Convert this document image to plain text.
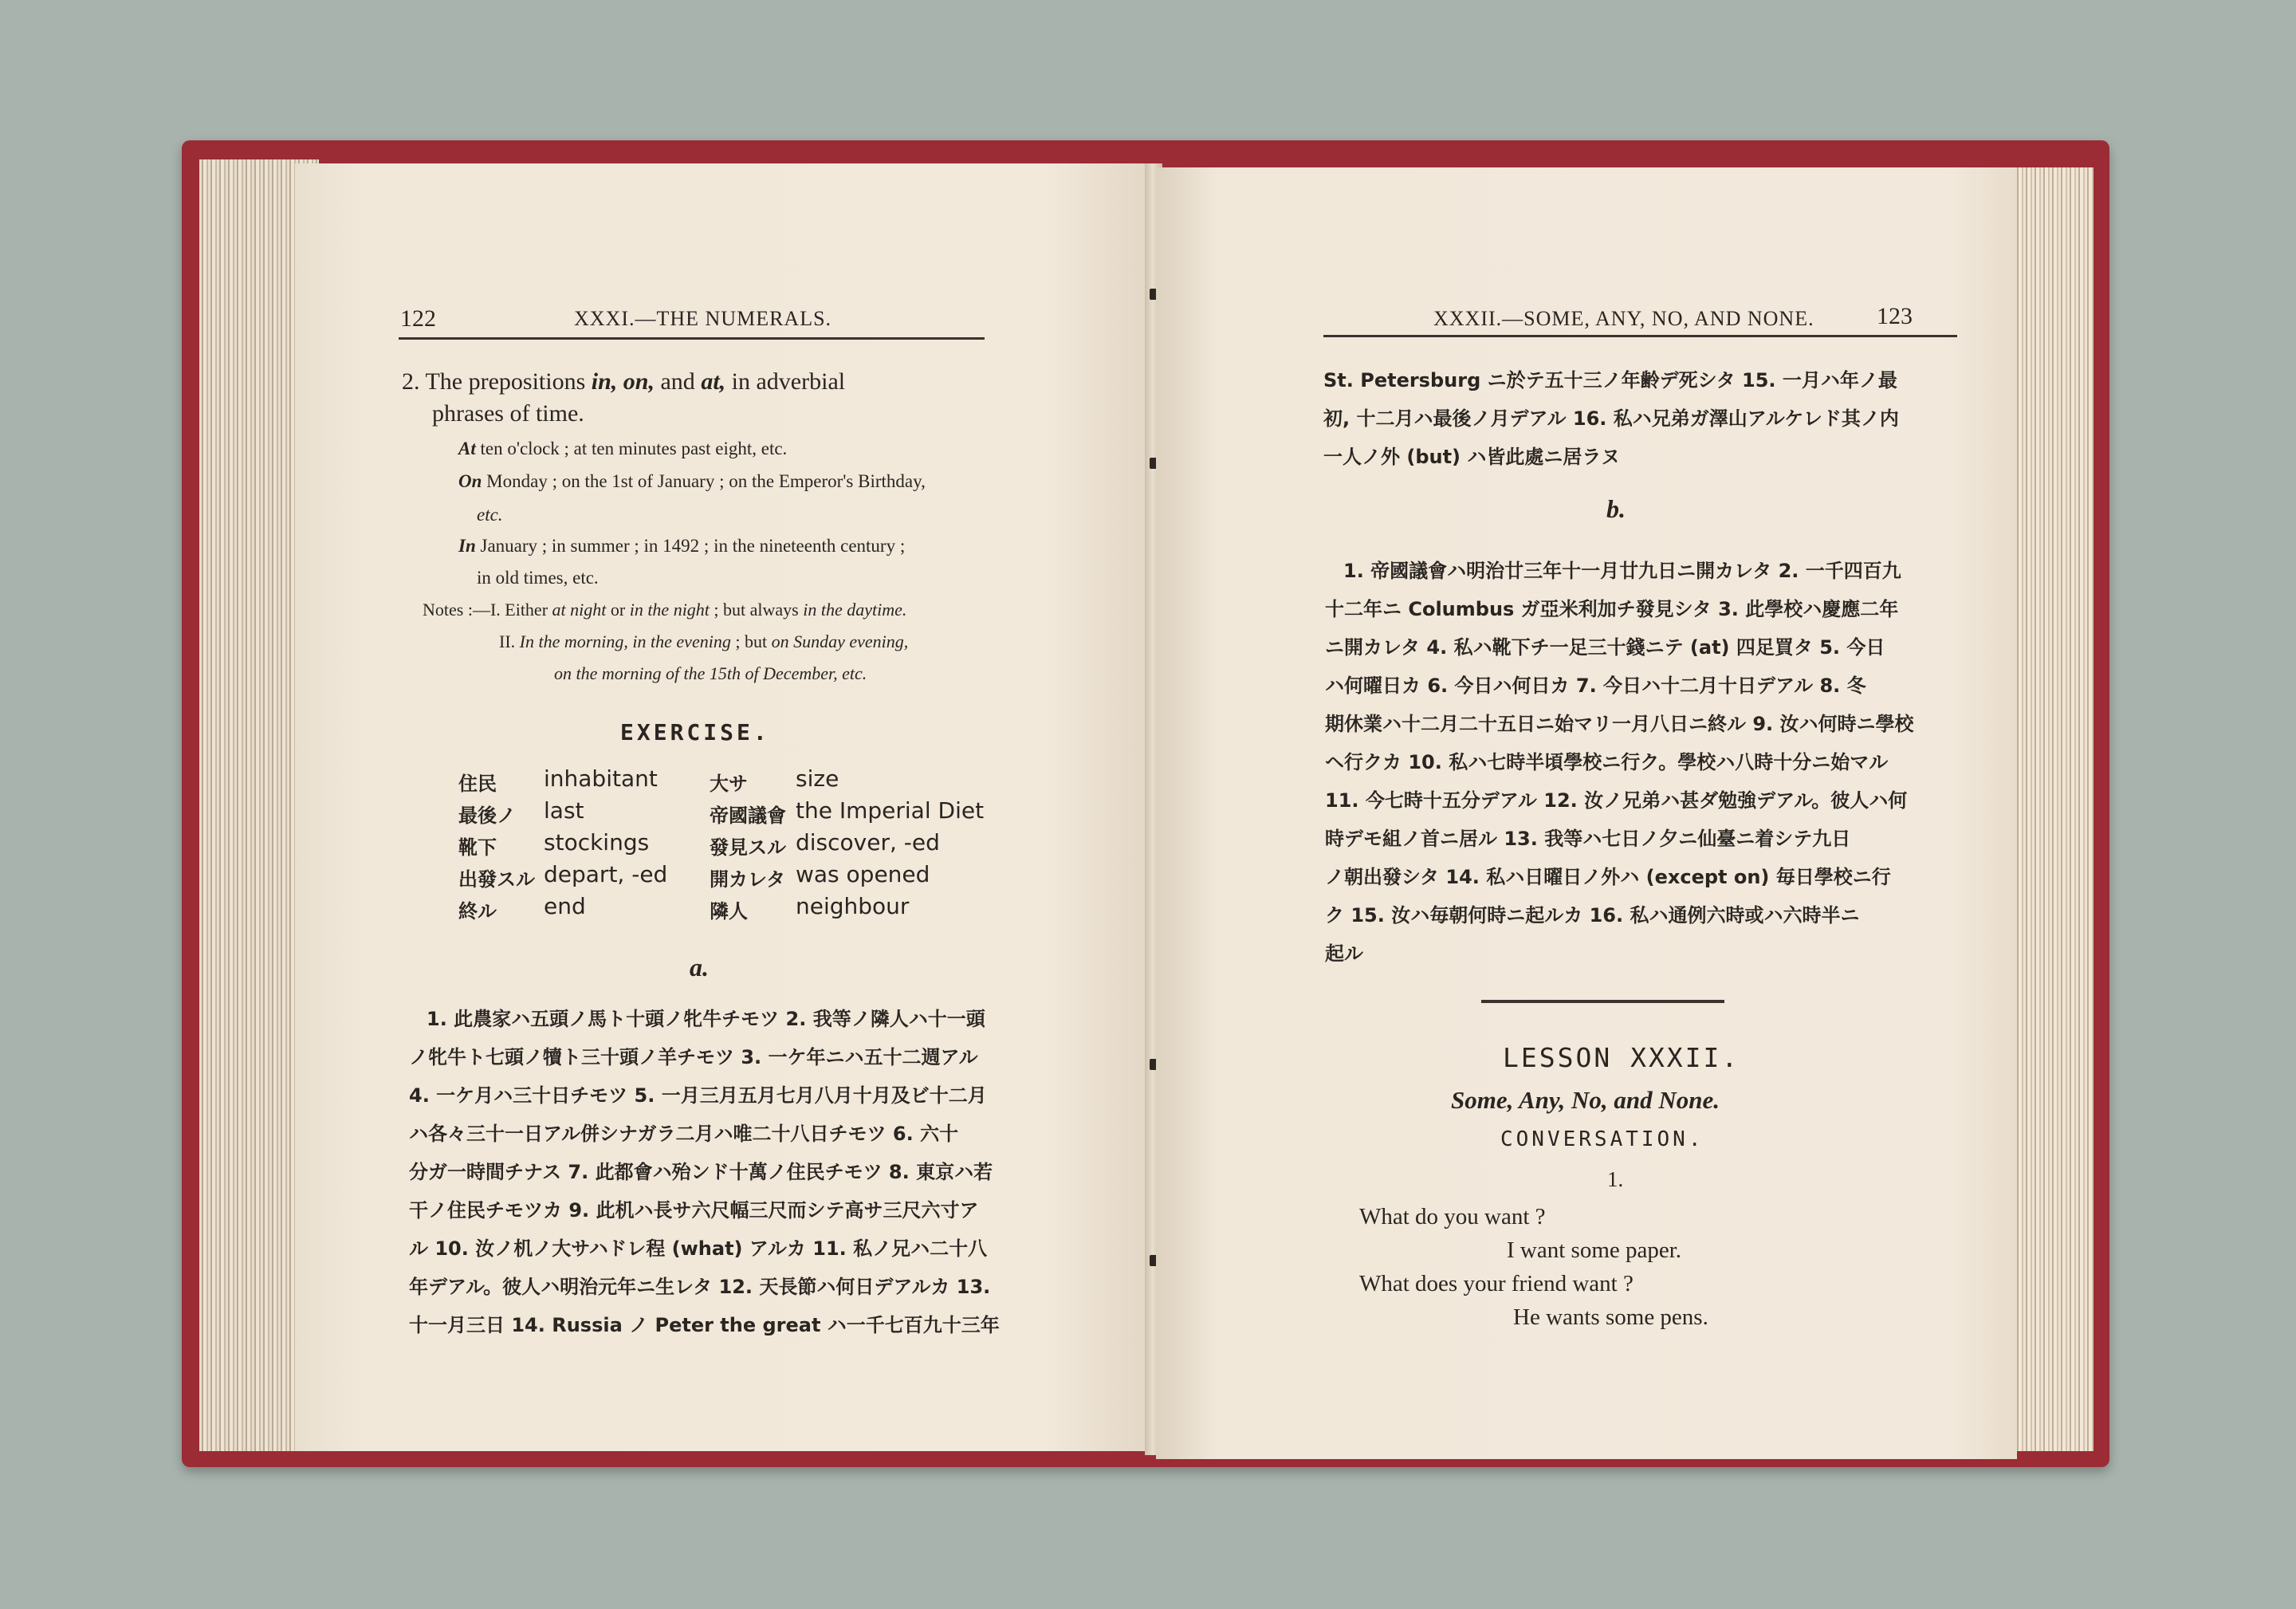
122	XXXI.—THE NUMERALS.
2. The prepositions in, on, and at, in adverbial
phrases of time.
At ten o'clock ; at ten minutes past eight, etc.
On Monday ; on the 1st of January ; on the Emperor's Birthday,
etc.
In January ; in summer ; in 1492 ; in the nineteenth century ;
in old times, etc.
Notes :—I. Either at night or in the night ; but always in the daytime.
II. In the morning, in the evening ; but on Sunday evening,
on the morning of the 15th of December, etc.
EXERCISE.
住民 inhabitant	大サ size
最後ノ last	帝國議會 the Imperial Diet
靴下 stockings	發見スル discover, -ed
出發スル depart, -ed 開カレタ was opened
終ル end	隣人 neighbour
a.
1. 此農家ハ五頭ノ馬ト十頭ノ牝牛チモツ 2. 我等ノ隣人ハ十一頭
ノ牝牛ト七頭ノ犢ト三十頭ノ羊チモツ 3. 一ケ年ニハ五十二週アル
4. 一ケ月ハ三十日チモツ 5. 一月三月五月七月八月十月及ビ十二月
ハ各々三十一日アル併シナガラ二月ハ唯二十八日チモツ 6. 六十
分ガ一時間チナス 7. 此都會ハ殆ンド十萬ノ住民チモツ 8. 東京ハ若
干ノ住民チモツカ 9. 此机ハ長サ六尺幅三尺而シテ高サ三尺六寸ア
ル 10. 汝ノ机ノ大サハドレ程 (what) アルカ 11. 私ノ兄ハ二十八
年デアル。彼人ハ明治元年ニ生レタ 12. 天長節ハ何日デアルカ 13.
十一月三日 14. Russia ノ Peter the great ハ一千七百九十三年
XXXII.—SOME, ANY, NO, AND NONE.	123
St. Petersburg ニ於テ五十三ノ年齢デ死シタ 15. 一月ハ年ノ最
初, 十二月ハ最後ノ月デアル 16. 私ハ兄弟ガ澤山アルケレド其ノ内
一人ノ外 (but) ハ皆此處ニ居ラヌ
b.
1. 帝國議會ハ明治廿三年十一月廿九日ニ開カレタ 2. 一千四百九
十二年ニ Columbus ガ亞米利加チ發見シタ 3. 此學校ハ慶應二年
ニ開カレタ 4. 私ハ靴下チ一足三十錢ニテ (at) 四足買タ 5. 今日
ハ何曜日カ 6. 今日ハ何日カ 7. 今日ハ十二月十日デアル 8. 冬
期休業ハ十二月二十五日ニ始マリ一月八日ニ終ル 9. 汝ハ何時ニ學校
ヘ行クカ 10. 私ハ七時半頃學校ニ行ク。學校ハ八時十分ニ始マル
11. 今七時十五分デアル 12. 汝ノ兄弟ハ甚ダ勉強デアル。彼人ハ何
時デモ組ノ首ニ居ル 13. 我等ハ七日ノ夕ニ仙臺ニ着シテ九日
ノ朝出發シタ 14. 私ハ日曜日ノ外ハ (except on) 毎日學校ニ行
ク 15. 汝ハ毎朝何時ニ起ルカ 16. 私ハ通例六時或ハ六時半ニ
起ル
LESSON XXXII.
Some, Any, No, and None.
CONVERSATION.
1.
What do you want ?
I want some paper.
What does your friend want ?
He wants some pens.
